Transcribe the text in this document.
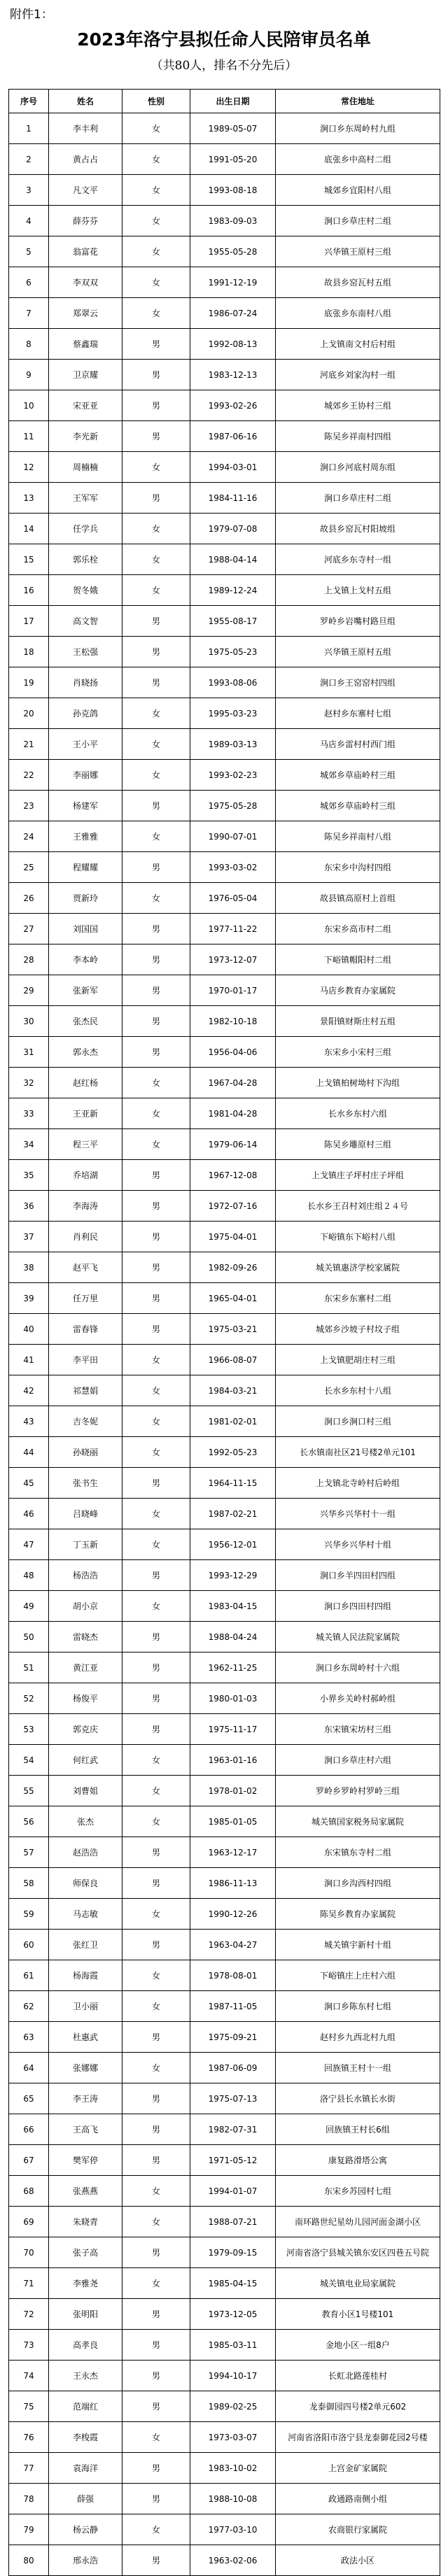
附件1：
2023年洛宁县拟任命人民陪审员名单
（共80人，排名不分先后）
序号	姓名	性别	出生日期	常住地址
1	李丰利	女	1989-05-07	涧口乡东周岭村九组
2	黄占占	女	1991-05-20	底张乡中高村二组
3	凡文平	女	1993-08-18	城郊乡宜阳村八组
4	薛芬芬	女	1983-09-03	涧口乡草庄村二组
5	翁富花	女	1955-05-28	兴华镇王原村三组
6	李双双	女	1991-12-19	故县乡窑瓦村五组
7	郑翠云	女	1986-07-24	底张乡东南村八组
8	蔡鑫瑞	男	1992-08-13	上戈镇南文村后村组
9	卫京耀	男	1983-12-13	河底乡刘家沟村一组
10	宋亚亚	男	1993-02-26	城郊乡王协村三组
11	李光新	男	1987-06-16	陈吴乡祥南村四组
12	周楠楠	女	1994-03-01	涧口乡河底村周东组
13	王军军	男	1984-11-16	涧口乡草庄村二组
14	任学兵	女	1979-07-08	故县乡窑瓦村阳坡组
15	郭乐栓	女	1988-04-14	河底乡东寺村一组
16	贺冬娥	女	1989-12-24	上戈镇上戈村五组
17	高文智	男	1955-08-17	罗岭乡岩嘴村路旦组
18	王松强	男	1975-05-23	兴华镇王原村五组
19	肖晓扬	男	1993-08-06	涧口乡王窑窑村四组
20	孙克鸽	女	1995-03-23	赵村乡东寨村七组
21	王小平	女	1989-03-13	马店乡雷村村西门组
22	李丽娜	女	1993-02-23	城郊乡草庙岭村三组
23	杨建军	男	1975-05-28	城郊乡草庙岭村三组
24	王雅雅	女	1990-07-01	陈吴乡祥南村八组
25	程耀耀	男	1993-03-02	东宋乡中沟村四组
26	贾新玲	女	1976-05-04	故县镇高原村上首组
27	刘国国	男	1977-11-22	东宋乡高市村二组
28	李本岭	男	1973-12-07	下峪镇帽阳村二组
29	张新军	男	1970-01-17	马店乡教育办家属院
30	张杰民	男	1982-10-18	景阳镇财斯庄村五组
31	郭永杰	男	1956-04-06	东宋乡小宋村三组
32	赵红杨	女	1967-04-28	上戈镇柏树坳村下沟组
33	王亚新	女	1981-04-28	长水乡东村六组
34	程三平	女	1979-06-14	陈吴乡雕原村三组
35	乔培湖	男	1967-12-08	上戈镇庄子坪村庄子坪组
36	李海涛	男	1972-07-16	长水乡王召村刘庄组２４号
37	肖利民	男	1975-04-01	下峪镇东下峪村八组
38	赵平飞	男	1982-09-26	城关镇惠济学校家属院
39	任万里	男	1965-04-01	东宋乡东寨村二组
40	雷春锋	男	1975-03-21	城郊乡沙坡子村坟子组
41	李平田	女	1966-08-07	上戈镇肥胡庄村三组
42	祁慧娟	女	1984-03-21	长水乡东村十八组
43	吉冬妮	女	1981-02-01	涧口乡涧口村三组
44	孙晓丽	女	1992-05-23	长水镇南社区21号楼2单元101
45	张书生	男	1964-11-15	上戈镇北寺岭村后岭组
46	吕晓峰	女	1987-02-21	兴华乡兴华村十一组
47	丁玉新	女	1956-12-01	兴华乡兴华村十组
48	杨浩浩	男	1993-12-29	涧口乡羊四田村四组
49	胡小京	女	1983-04-15	涧口乡四田村四组
50	雷晓杰	男	1988-04-24	城关镇人民法院家属院
51	黄江亚	男	1962-11-25	涧口乡东周岭村十六组
52	杨俊平	男	1980-01-03	小界乡关岭村郝岭组
53	郭克庆	男	1975-11-17	东宋镇宋坊村三组
54	何红武	女	1963-01-16	涧口乡草庄村六组
55	刘曹姐	女	1978-01-02	罗岭乡罗岭村罗岭三组
56	张杰	女	1985-01-05	城关镇国家税务局家属院
57	赵浩浩	男	1963-12-17	东宋镇东寺村二组
58	师保良	男	1986-11-13	涧口乡沟西村四组
59	马志敏	女	1990-12-26	陈吴乡教育办家属院
60	张红卫	男	1963-04-27	城关镇宇新村十组
61	杨海霞	女	1978-08-01	下峪镇庄上庄村六组
62	卫小丽	女	1987-11-05	涧口乡陈东村七组
63	杜惠武	男	1975-09-21	赵村乡九西北村九组
64	张娜娜	女	1987-06-09	回族镇王村十一组
65	李王涛	男	1975-07-13	洛宁县长水镇长水街
66	王高飞	男	1982-07-31	回族镇王村长6组
67	樊军停	男	1971-05-12	康复路滑塔公寓
68	张燕燕	女	1994-01-07	东宋乡苏园村七组
69	朱晓青	女	1988-07-21	南环路世纪星幼儿园河面金湖小区
70	张子高	男	1979-09-15	河南省洛宁县城关镇东安区四巷五号院
71	李雅尧	女	1985-04-15	城关镇电业局家属院
72	张明阳	男	1973-12-05	教育小区1号楼101
73	高孝良	男	1985-03-11	金地小区一组8户
74	王永杰	男	1994-10-17	长虹北路莲桂村
75	范端红	男	1989-02-25	龙泰御园四号楼2单元602
76	李梭霞	女	1973-03-07	河南省洛阳市洛宁县龙泰御花园2号楼
77	袁海洋	男	1983-10-02	上宫金矿家属院
78	薛强	男	1988-10-08	政通路南侧小组
79	杨云静	女	1977-03-10	农商银行家属院
80	邢永浩	男	1963-02-06	政法小区
